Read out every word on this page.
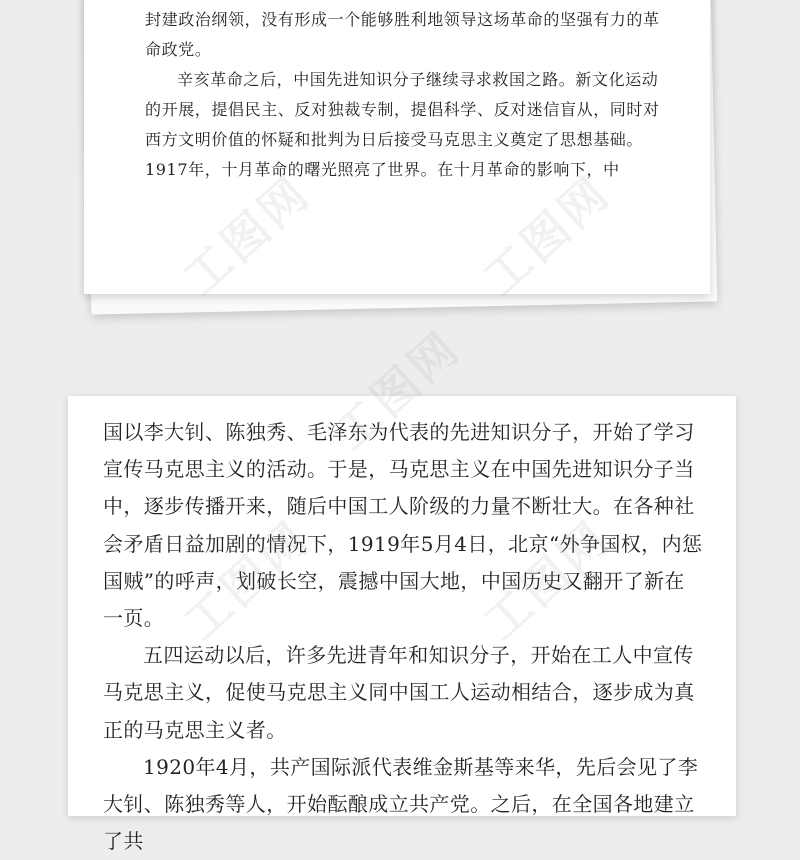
封建政治纲领，没有形成一个能够胜利地领导这场革命的坚强有力的革命政党。

辛亥革命之后，中国先进知识分子继续寻求救国之路。新文化运动的开展，提倡民主、反对独裁专制，提倡科学、反对迷信盲从，同时对西方文明价值的怀疑和批判为日后接受马克思主义奠定了思想基础。1917年，十月革命的曙光照亮了世界。在十月革命的影响下，中

国以李大钊、陈独秀、毛泽东为代表的先进知识分子，开始了学习宣传马克思主义的活动。于是，马克思主义在中国先进知识分子当中，逐步传播开来，随后中国工人阶级的力量不断壮大。在各种社会矛盾日益加剧的情况下，1919年5月4日，北京“外争国权，内惩国贼”的呼声，划破长空，震撼中国大地，中国历史又翻开了新在一页。

五四运动以后，许多先进青年和知识分子，开始在工人中宣传马克思主义，促使马克思主义同中国工人运动相结合，逐步成为真正的马克思主义者。

1920年4月，共产国际派代表维金斯基等来华，先后会见了李大钊、陈独秀等人，开始酝酿成立共产党。之后，在全国各地建立了共

工图网
